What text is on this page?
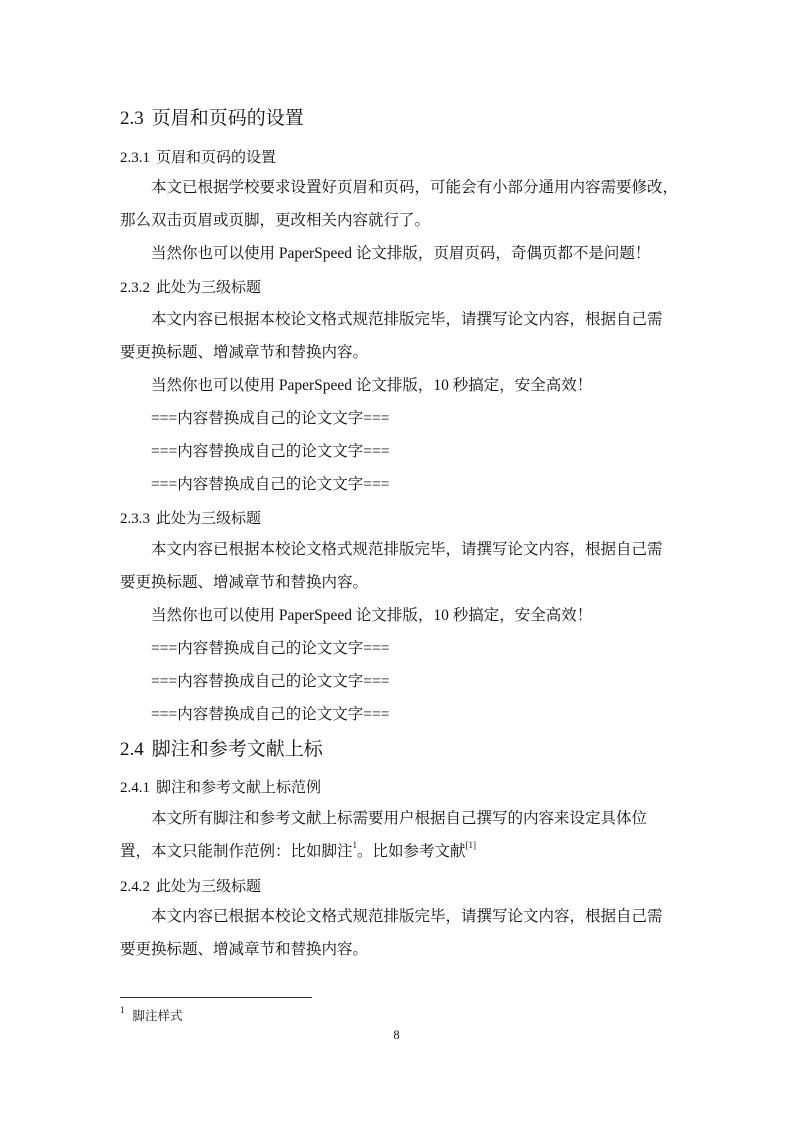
2.3 页眉和页码的设置
2.3.1 页眉和页码的设置
本文已根据学校要求设置好页眉和页码，可能会有小部分通用内容需要修改，
那么双击页眉或页脚，更改相关内容就行了。
当然你也可以使用 PaperSpeed 论文排版，页眉页码，奇偶页都不是问题！
2.3.2 此处为三级标题
本文内容已根据本校论文格式规范排版完毕，请撰写论文内容，根据自己需
要更换标题、增减章节和替换内容。
当然你也可以使用 PaperSpeed 论文排版，10 秒搞定，安全高效！
===内容替换成自己的论文文字===
===内容替换成自己的论文文字===
===内容替换成自己的论文文字===
2.3.3 此处为三级标题
本文内容已根据本校论文格式规范排版完毕，请撰写论文内容，根据自己需
要更换标题、增减章节和替换内容。
当然你也可以使用 PaperSpeed 论文排版，10 秒搞定，安全高效！
===内容替换成自己的论文文字===
===内容替换成自己的论文文字===
===内容替换成自己的论文文字===
2.4 脚注和参考文献上标
2.4.1 脚注和参考文献上标范例
本文所有脚注和参考文献上标需要用户根据自己撰写的内容来设定具体位
置，本文只能制作范例：比如脚注$^1$。比如参考文献[1]
2.4.2 此处为三级标题
本文内容已根据本校论文格式规范排版完毕，请撰写论文内容，根据自己需
要更换标题、增减章节和替换内容。
$^1$ 脚注样式
8
